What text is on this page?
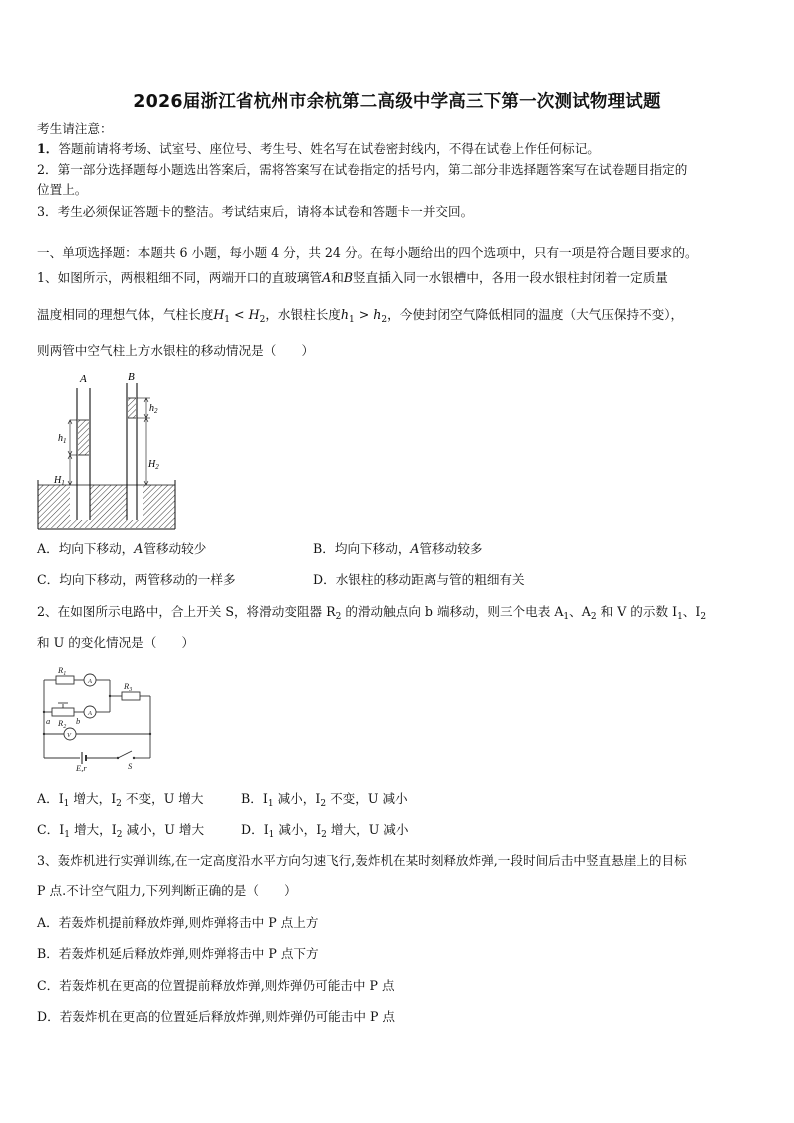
2026届浙江省杭州市余杭第二高级中学高三下第一次测试物理试题
考生请注意：
1．答题前请将考场、试室号、座位号、考生号、姓名写在试卷密封线内，不得在试卷上作任何标记。
2．第一部分选择题每小题选出答案后，需将答案写在试卷指定的括号内，第二部分非选择题答案写在试卷题目指定的
位置上。
3．考生必须保证答题卡的整洁。考试结束后，请将本试卷和答题卡一并交回。
一、单项选择题：本题共 6 小题，每小题 4 分，共 24 分。在每小题给出的四个选项中，只有一项是符合题目要求的。
1、如图所示，两根粗细不同，两端开口的直玻璃管A和B竖直插入同一水银槽中，各用一段水银柱封闭着一定质量
温度相同的理想气体，气柱长度$H_1 < H_2$，水银柱长度$h_1 > h_2$，今使封闭空气降低相同的温度（大气压保持不变），
则两管中空气柱上方水银柱的移动情况是（　　）
A	B
$h_1$
$H_1$
$h_2$
$H_2$
A．均向下移动，A管移动较少	B．均向下移动，A管移动较多
C．均向下移动，两管移动的一样多	D．水银柱的移动距离与管的粗细有关
2、在如图所示电路中，合上开关 S，将滑动变阻器 $R_2$ 的滑动触点向 b 端移动，则三个电表 $A_1$、$A_2$ 和 V 的示数 $I_1$、$I_2$
和 U 的变化情况是（　　）
$R_1$
$R_3$
$R_2$
a	b
A
A
V
S
E,r
A．$I_1$ 增大，$I_2$ 不变，U 增大	B．$I_1$ 减小，$I_2$ 不变，U 减小
C．$I_1$ 增大，$I_2$ 减小，U 增大	D．$I_1$ 减小，$I_2$ 增大，U 减小
3、轰炸机进行实弹训练,在一定高度沿水平方向匀速飞行,轰炸机在某时刻释放炸弹,一段时间后击中竖直悬崖上的目标
P 点.不计空气阻力,下列判断正确的是（　　）
A．若轰炸机提前释放炸弹,则炸弹将击中 P 点上方
B．若轰炸机延后释放炸弹,则炸弹将击中 P 点下方
C．若轰炸机在更高的位置提前释放炸弹,则炸弹仍可能击中 P 点
D．若轰炸机在更高的位置延后释放炸弹,则炸弹仍可能击中 P 点
